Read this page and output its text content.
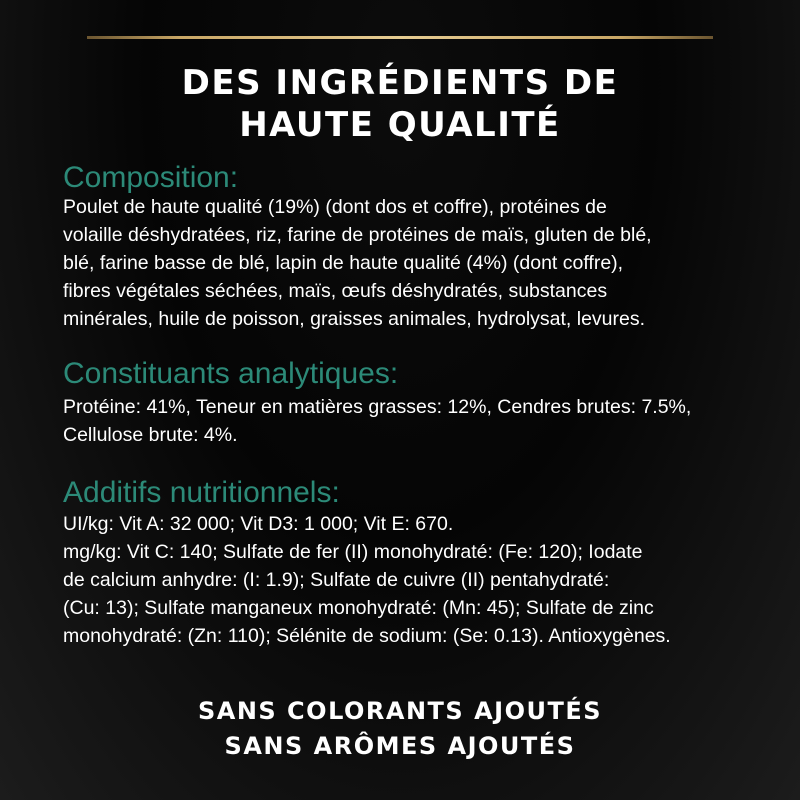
DES INGRÉDIENTS DE
HAUTE QUALITÉ
Composition:
Poulet de haute qualité (19%) (dont dos et coffre), protéines de
volaille déshydratées, riz, farine de protéines de maïs, gluten de blé,
blé, farine basse de blé, lapin de haute qualité (4%) (dont coffre),
fibres végétales séchées, maïs, œufs déshydratés, substances
minérales, huile de poisson, graisses animales, hydrolysat, levures.
Constituants analytiques:
Protéine: 41%, Teneur en matières grasses: 12%, Cendres brutes: 7.5%,
Cellulose brute: 4%.
Additifs nutritionnels:
UI/kg: Vit A: 32 000; Vit D3: 1 000; Vit E: 670.
mg/kg: Vit C: 140; Sulfate de fer (II) monohydraté: (Fe: 120); Iodate
de calcium anhydre: (I: 1.9); Sulfate de cuivre (II) pentahydraté:
(Cu: 13); Sulfate manganeux monohydraté: (Mn: 45); Sulfate de zinc
monohydraté: (Zn: 110); Sélénite de sodium: (Se: 0.13). Antioxygènes.
SANS COLORANTS AJOUTÉS
SANS ARÔMES AJOUTÉS
